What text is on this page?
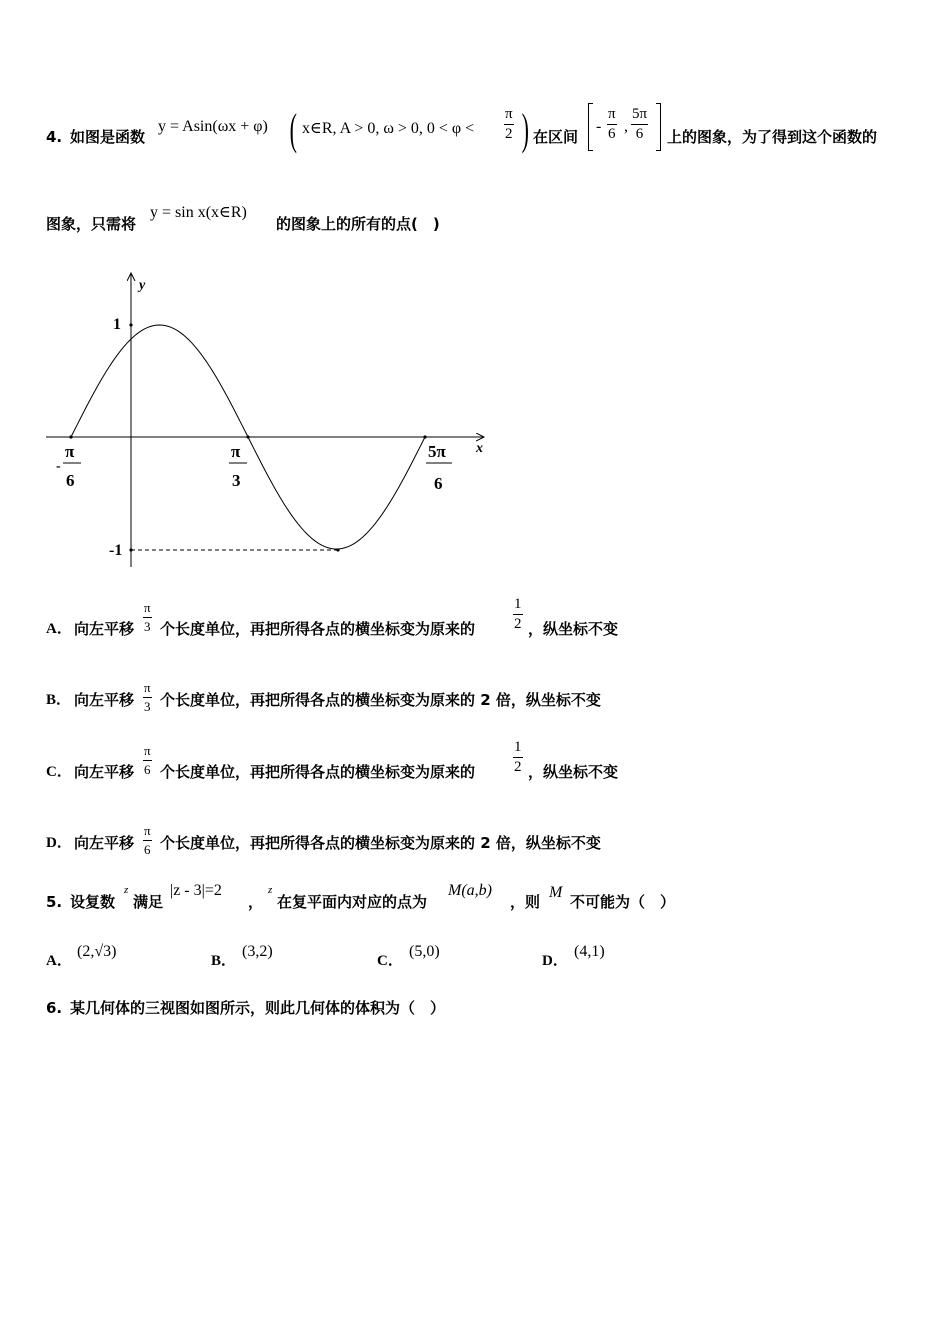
4. 如图是函数
y = Asin(ωx + φ) ( x∈R, A > 0, ω > 0, 0 < φ <
π
2 ) 在区间
-
π
6 ,
5π
6	上的图象，为了得到这个函数的
图象，只需将
y = sin x(x∈R)
的图象上的所有的点(　)
y
x
1
-1
-
π
6
π
3
5π
6
A． 向左平移
π
3 个长度单位，再把所得各点的横坐标变为原来的
1
2 ，纵坐标不变
B． 向左平移
π
3 个长度单位，再把所得各点的横坐标变为原来的 2 倍，纵坐标不变
C． 向左平移
π
6 个长度单位，再把所得各点的横坐标变为原来的
1
2 ，纵坐标不变
D． 向左平移
π
6 个长度单位，再把所得各点的横坐标变为原来的 2 倍，纵坐标不变
5. 设复数
z
满足
|z - 3|=2
，
z
在复平面内对应的点为
M(a,b)
，则
M
不可能为（　）
A．
(2,√3)
B．
(3,2)
C．
(5,0)
D．
(4,1)
6. 某几何体的三视图如图所示，则此几何体的体积为（　）
